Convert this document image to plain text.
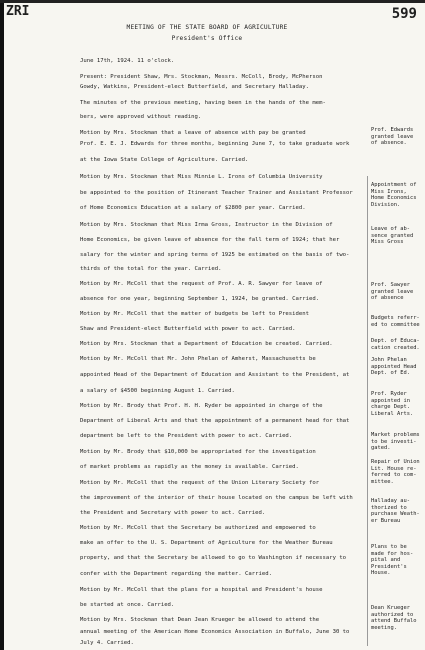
ZRI	599
MEETING OF THE STATE BOARD OF AGRICULTURE
President's Office
June 17th, 1924. 11 o'clock.
Present: President Shaw, Mrs. Stockman, Messrs. McColl, Brody, McPherson
Gowdy, Watkins, President-elect Butterfield, and Secretary Halladay.
The minutes of the previous meeting, having been in the hands of the mem-
bers, were approved without reading.
Motion by Mrs. Stockman that a leave of absence with pay be granted
Prof. E. E. J. Edwards for three months, beginning June 7, to take graduate work
at the Iowa State College of Agriculture. Carried.
Motion by Mrs. Stockman that Miss Minnie L. Irons of Columbia University
be appointed to the position of Itinerant Teacher Trainer and Assistant Professor
of Home Economics Education at a salary of $2800 per year. Carried.
Motion by Mrs. Stockman that Miss Irma Gross, Instructor in the Division of
Home Economics, be given leave of absence for the fall term of 1924; that her
salary for the winter and spring terms of 1925 be estimated on the basis of two-
thirds of the total for the year. Carried.
Motion by Mr. McColl that the request of Prof. A. R. Sawyer for leave of
absence for one year, beginning September 1, 1924, be granted. Carried.
Motion by Mr. McColl that the matter of budgets be left to President
Shaw and President-elect Butterfield with power to act. Carried.
Motion by Mrs. Stockman that a Department of Education be created. Carried.
Motion by Mr. McColl that Mr. John Phelan of Amherst, Massachusetts be
appointed Head of the Department of Education and Assistant to the President, at
a salary of $4500 beginning August 1. Carried.
Motion by Mr. Brody that Prof. H. H. Ryder be appointed in charge of the
Department of Liberal Arts and that the appointment of a permanent head for that
department be left to the President with power to act. Carried.
Motion by Mr. Brody that $10,000 be appropriated for the investigation
of market problems as rapidly as the money is available. Carried.
Motion by Mr. McColl that the request of the Union Literary Society for
the improvement of the interior of their house located on the campus be left with
the President and Secretary with power to act. Carried.
Motion by Mr. McColl that the Secretary be authorized and empowered to
make an offer to the U. S. Department of Agriculture for the Weather Bureau
property, and that the Secretary be allowed to go to Washington if necessary to
confer with the Department regarding the matter. Carried.
Motion by Mr. McColl that the plans for a hospital and President's house
be started at once. Carried.
Motion by Mrs. Stockman that Dean Jean Krueger be allowed to attend the
annual meeting of the American Home Economics Association in Buffalo, June 30 to
July 4. Carried.
Prof. Edwards
granted leave
of absence.
Appointment of
Miss Irons,
Home Economics
Division.
Leave of ab-
sence granted
Miss Gross
Prof. Sawyer
granted leave
of absence
Budgets referr-
ed to committee
Dept. of Educa-
cation created.
John Phelan
appointed Head
Dept. of Ed.
Prof. Ryder
appointed in
charge Dept.
Liberal Arts.
Market problems
to be investi-
gated.
Repair of Union
Lit. House re-
ferred to com-
mittee.
Halladay au-
thorized to
purchase Weath-
er Bureau
Plans to be
made for hos-
pital and
President's
House.
Dean Krueger
authorized to
attend Buffalo
meeting.
